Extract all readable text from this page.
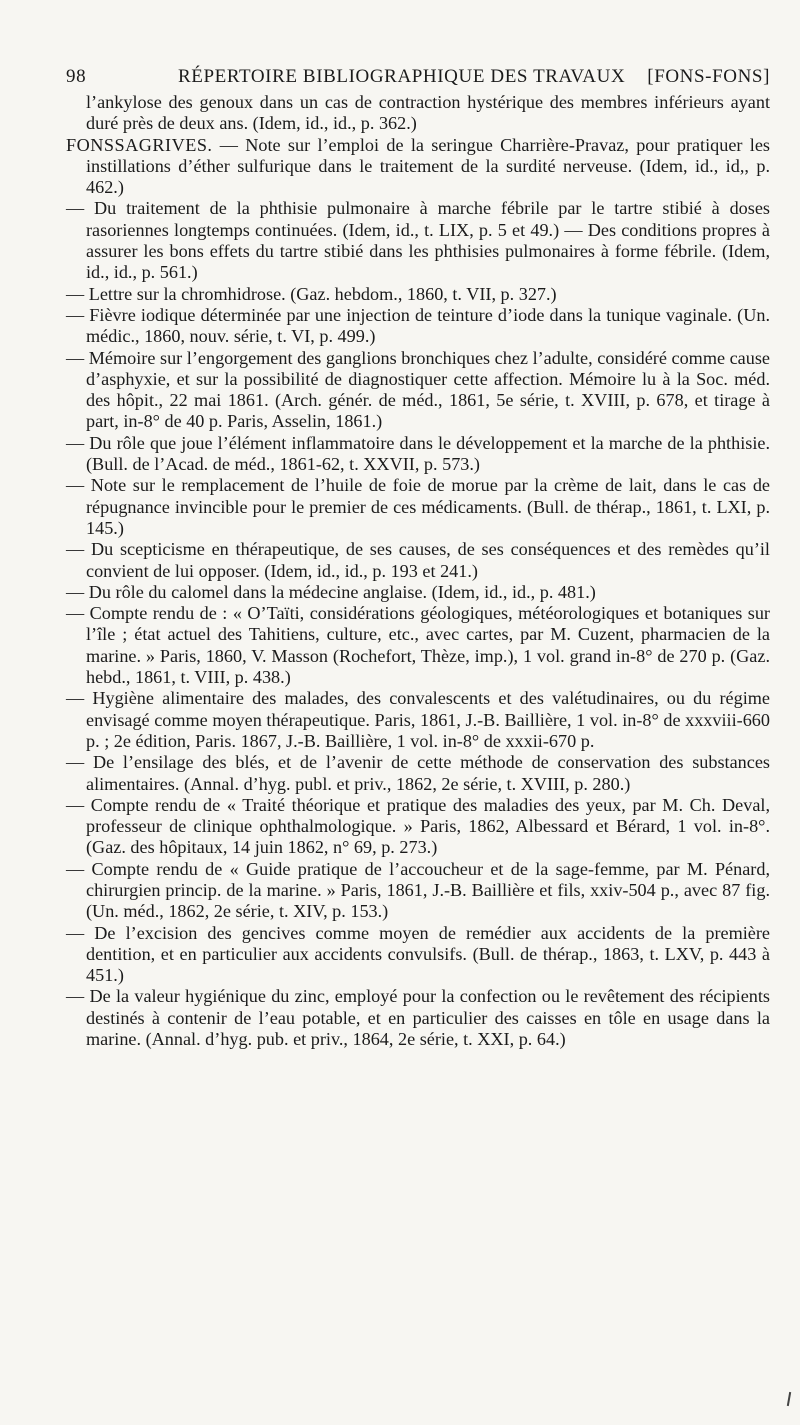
98	RÉPERTOIRE BIBLIOGRAPHIQUE DES TRAVAUX	[FONS-FONS]

l’ankylose des genoux dans un cas de contraction hystérique des membres inférieurs ayant duré près de deux ans. (Idem, id., id., p. 362.)

FONSSAGRIVES. — Note sur l’emploi de la seringue Charrière-Pravaz, pour pratiquer les instillations d’éther sulfurique dans le traitement de la surdité nerveuse. (Idem, id., id,, p. 462.)

— Du traitement de la phthisie pulmonaire à marche fébrile par le tartre stibié à doses rasoriennes longtemps continuées. (Idem, id., t. LIX, p. 5 et 49.) — Des conditions propres à assurer les bons effets du tartre stibié dans les phthisies pulmonaires à forme fébrile. (Idem, id., id., p. 561.)

— Lettre sur la chromhidrose. (Gaz. hebdom., 1860, t. VII, p. 327.)

— Fièvre iodique déterminée par une injection de teinture d’iode dans la tunique vaginale. (Un. médic., 1860, nouv. série, t. VI, p. 499.)

— Mémoire sur l’engorgement des ganglions bronchiques chez l’adulte, considéré comme cause d’asphyxie, et sur la possibilité de diagnostiquer cette affection. Mémoire lu à la Soc. méd. des hôpit., 22 mai 1861. (Arch. génér. de méd., 1861, 5e série, t. XVIII, p. 678, et tirage à part, in-8° de 40 p. Paris, Asselin, 1861.)

— Du rôle que joue l’élément inflammatoire dans le développement et la marche de la phthisie. (Bull. de l’Acad. de méd., 1861-62, t. XXVII, p. 573.)

— Note sur le remplacement de l’huile de foie de morue par la crème de lait, dans le cas de répugnance invincible pour le premier de ces médicaments. (Bull. de thérap., 1861, t. LXI, p. 145.)

— Du scepticisme en thérapeutique, de ses causes, de ses conséquences et des remèdes qu’il convient de lui opposer. (Idem, id., id., p. 193 et 241.)

— Du rôle du calomel dans la médecine anglaise. (Idem, id., id., p. 481.)

— Compte rendu de : « O’Taïti, considérations géologiques, météorologiques et botaniques sur l’île ; état actuel des Tahitiens, culture, etc., avec cartes, par M. Cuzent, pharmacien de la marine. » Paris, 1860, V. Masson (Rochefort, Thèze, imp.), 1 vol. grand in-8° de 270 p. (Gaz. hebd., 1861, t. VIII, p. 438.)

— Hygiène alimentaire des malades, des convalescents et des valétudinaires, ou du régime envisagé comme moyen thérapeutique. Paris, 1861, J.-B. Baillière, 1 vol. in-8° de xxxviii-660 p. ; 2e édition, Paris. 1867, J.-B. Baillière, 1 vol. in-8° de xxxii-670 p.

— De l’ensilage des blés, et de l’avenir de cette méthode de conservation des substances alimentaires. (Annal. d’hyg. publ. et priv., 1862, 2e série, t. XVIII, p. 280.)

— Compte rendu de « Traité théorique et pratique des maladies des yeux, par M. Ch. Deval, professeur de clinique ophthalmologique. » Paris, 1862, Albessard et Bérard, 1 vol. in-8°. (Gaz. des hôpitaux, 14 juin 1862, n° 69, p. 273.)

— Compte rendu de « Guide pratique de l’accoucheur et de la sage-femme, par M. Pénard, chirurgien princip. de la marine. » Paris, 1861, J.-B. Baillière et fils, xxiv-504 p., avec 87 fig. (Un. méd., 1862, 2e série, t. XIV, p. 153.)

— De l’excision des gencives comme moyen de remédier aux accidents de la première dentition, et en particulier aux accidents convulsifs. (Bull. de thérap., 1863, t. LXV, p. 443 à 451.)

— De la valeur hygiénique du zinc, employé pour la confection ou le revêtement des récipients destinés à contenir de l’eau potable, et en particulier des caisses en tôle en usage dans la marine. (Annal. d’hyg. pub. et priv., 1864, 2e série, t. XXI, p. 64.)
